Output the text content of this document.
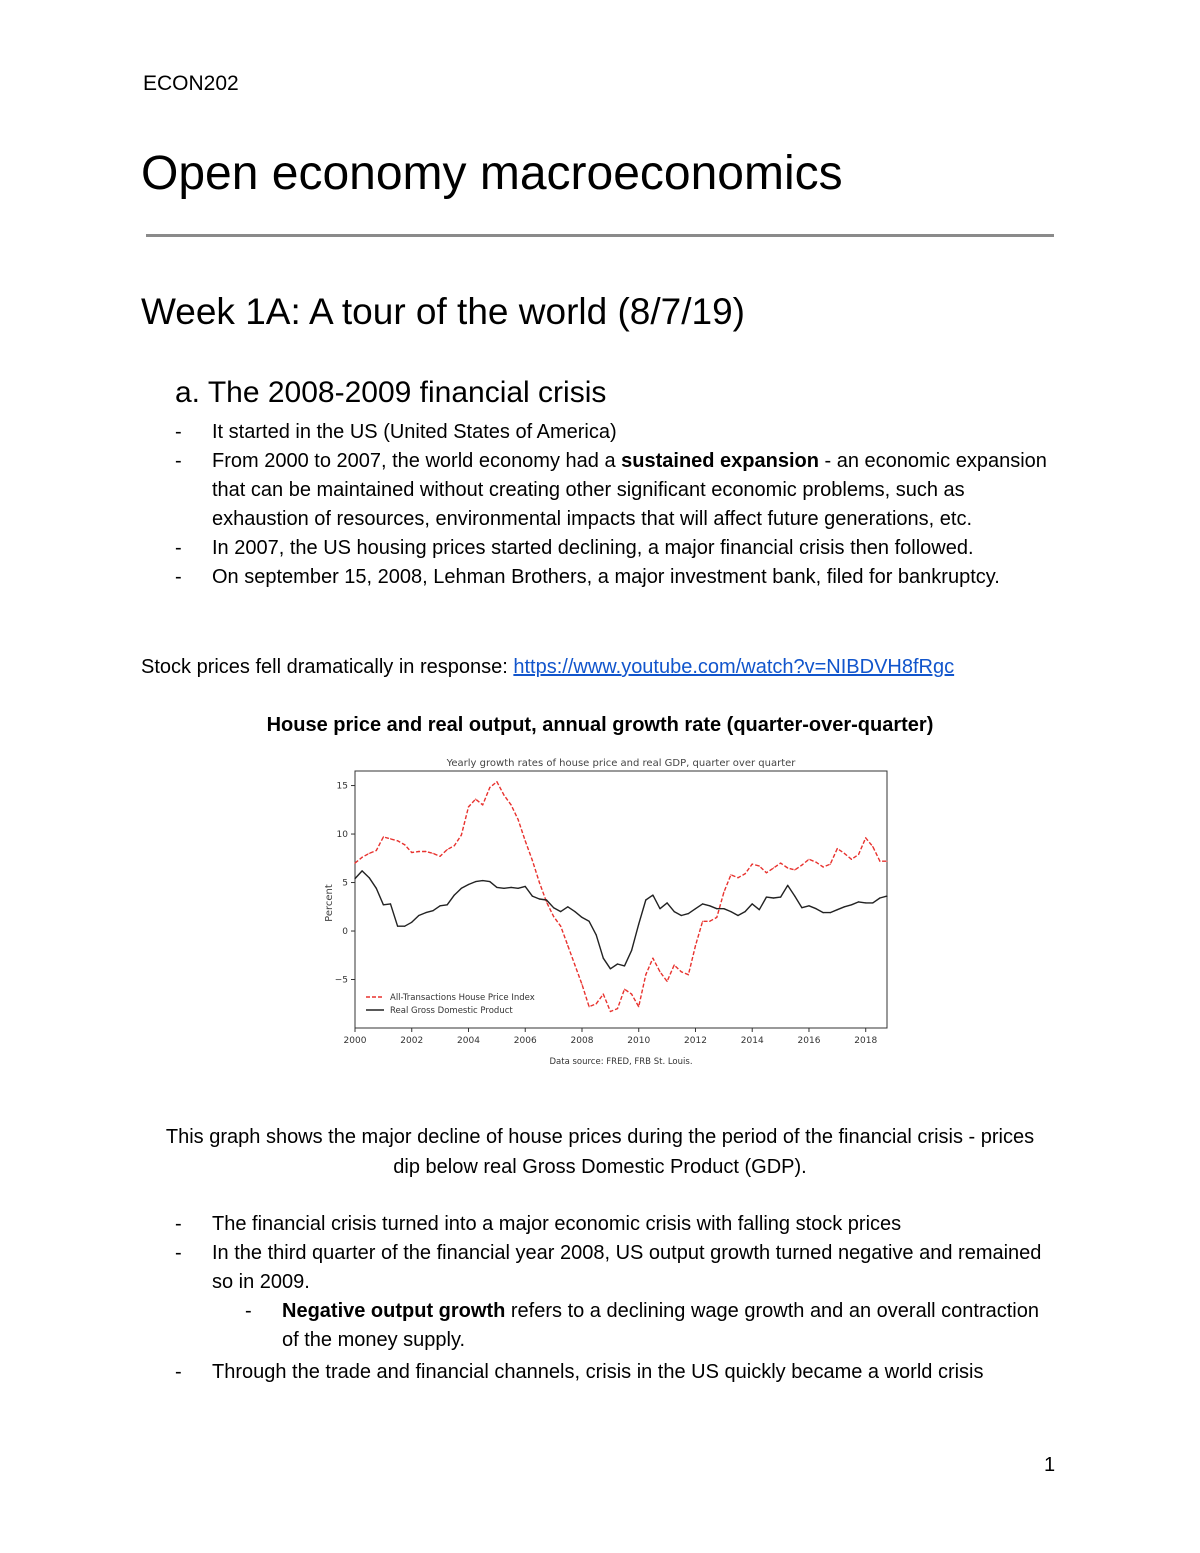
ECON202
Open economy macroeconomics
Week 1A: A tour of the world (8/7/19)
a. The 2008-2009 financial crisis
- It started in the US (United States of America)
- From 2000 to 2007, the world economy had a sustained expansion - an economic expansion that can be maintained without creating other significant economic problems, such as exhaustion of resources, environmental impacts that will affect future generations, etc.
- In 2007, the US housing prices started declining, a major financial crisis then followed.
- On september 15, 2008, Lehman Brothers, a major investment bank, filed for bankruptcy.
Stock prices fell dramatically in response: https://www.youtube.com/watch?v=NIBDVH8fRgc
House price and real output, annual growth rate (quarter-over-quarter)
Yearly growth rates of house price and real GDP, quarter over quarter
−5
0
5
10
15
2000	2002	2004	2006	2008	2010	2012	2014	2016	2018
Percent
All-Transactions House Price Index
Real Gross Domestic Product
Data source: FRED, FRB St. Louis.
This graph shows the major decline of house prices during the period of the financial crisis - prices dip below real Gross Domestic Product (GDP).
- The financial crisis turned into a major economic crisis with falling stock prices
- In the third quarter of the financial year 2008, US output growth turned negative and remained so in 2009.
- Negative output growth refers to a declining wage growth and an overall contraction of the money supply.
- Through the trade and financial channels, crisis in the US quickly became a world crisis
1
